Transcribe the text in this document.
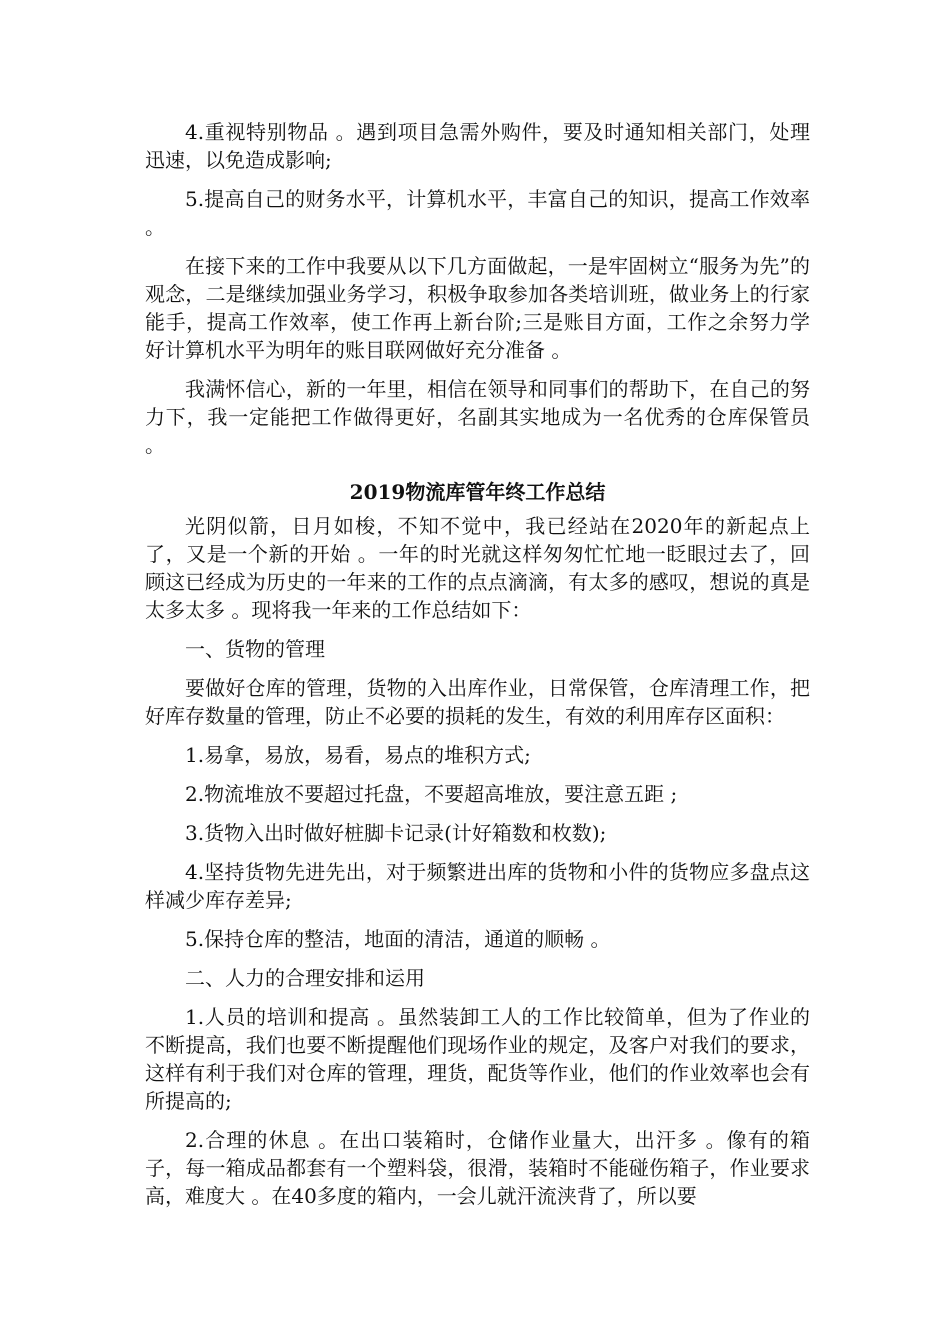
4.重视特别物品 。遇到项目急需外购件，要及时通知相关部门，处理迅速，以免造成影响;

5.提高自己的财务水平，计算机水平，丰富自己的知识，提高工作效率 。

在接下来的工作中我要从以下几方面做起，一是牢固树立“服务为先”的观念，二是继续加强业务学习，积极争取参加各类培训班，做业务上的行家能手，提高工作效率，使工作再上新台阶;三是账目方面，工作之余努力学好计算机水平为明年的账目联网做好充分准备 。

我满怀信心，新的一年里，相信在领导和同事们的帮助下，在自己的努力下，我一定能把工作做得更好，名副其实地成为一名优秀的仓库保管员 。

2019物流库管年终工作总结

光阴似箭，日月如梭，不知不觉中，我已经站在2020年的新起点上了，又是一个新的开始 。一年的时光就这样匆匆忙忙地一眨眼过去了，回顾这已经成为历史的一年来的工作的点点滴滴，有太多的感叹，想说的真是太多太多 。现将我一年来的工作总结如下：

一、货物的管理

要做好仓库的管理，货物的入出库作业，日常保管，仓库清理工作，把好库存数量的管理，防止不必要的损耗的发生，有效的利用库存区面积：

1.易拿，易放，易看，易点的堆积方式;

2.物流堆放不要超过托盘，不要超高堆放，要注意五距 ;

3.货物入出时做好桩脚卡记录(计好箱数和枚数);

4.坚持货物先进先出，对于频繁进出库的货物和小件的货物应多盘点这样减少库存差异;

5.保持仓库的整洁，地面的清洁，通道的顺畅 。

二、人力的合理安排和运用

1.人员的培训和提高 。虽然装卸工人的工作比较简单，但为了作业的不断提高，我们也要不断提醒他们现场作业的规定，及客户对我们的要求，这样有利于我们对仓库的管理，理货，配货等作业，他们的作业效率也会有所提高的;

2.合理的休息 。在出口装箱时，仓储作业量大，出汗多 。像有的箱子，每一箱成品都套有一个塑料袋，很滑，装箱时不能碰伤箱子，作业要求高，难度大 。在40多度的箱内，一会儿就汗流浃背了，所以要
